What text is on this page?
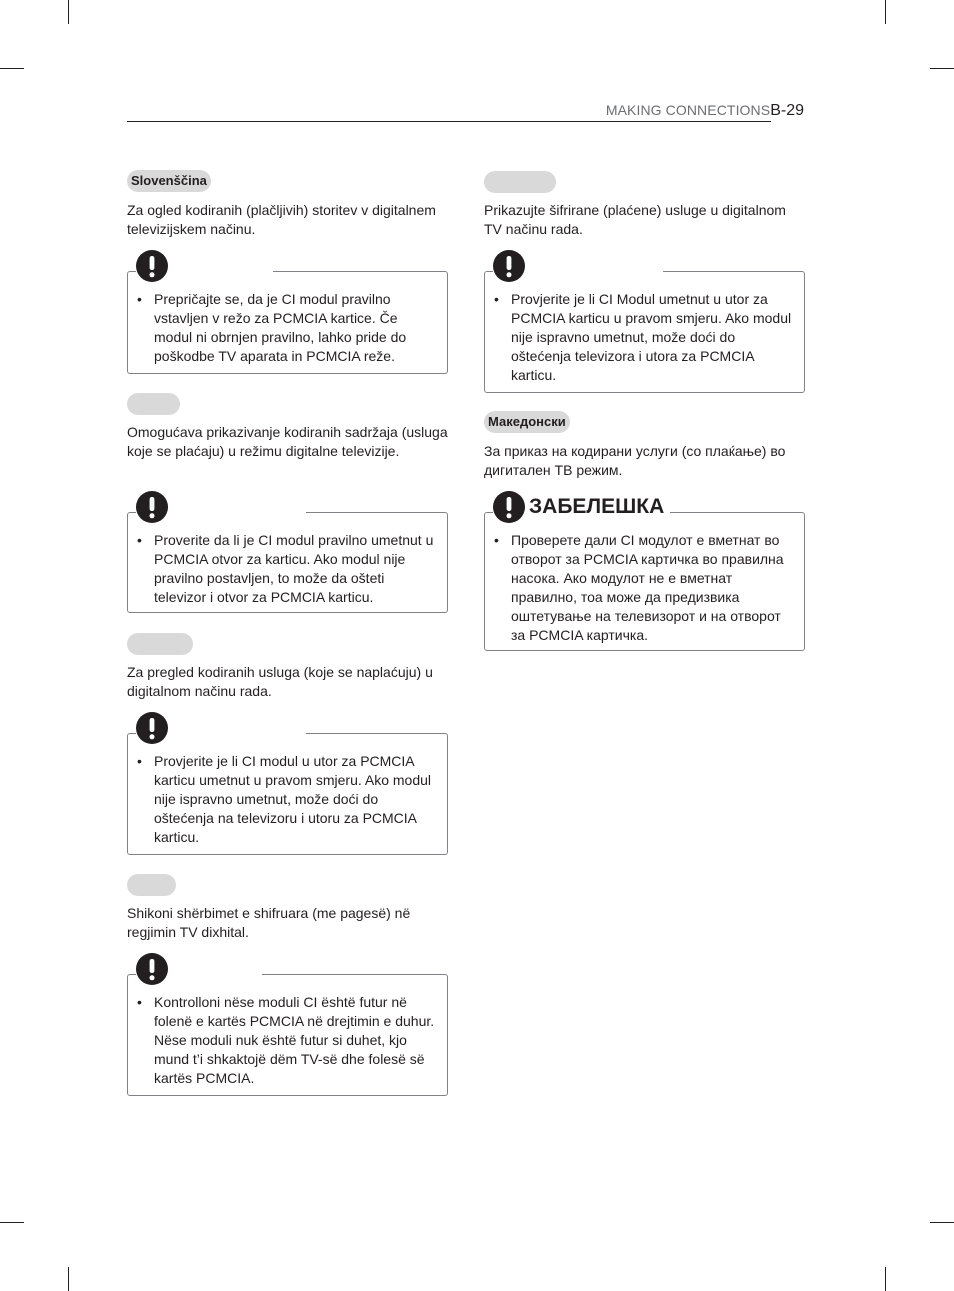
MAKING CONNECTIONSB-29
Slovenščina

Za ogled kodiranih (plačljivih) storitev v digitalnem televizijskem načinu.

• Prepričajte se, da je CI modul pravilno vstavljen v režo za PCMCIA kartice. Če modul ni obrnjen pravilno, lahko pride do poškodbe TV aparata in PCMCIA reže.

Omogućava prikazivanje kodiranih sadržaja (usluga koje se plaćaju) u režimu digitalne televizije.

• Proverite da li je CI modul pravilno umetnut u PCMCIA otvor za karticu. Ako modul nije pravilno postavljen, to može da ošteti televizor i otvor za PCMCIA karticu.

Za pregled kodiranih usluga (koje se naplaćuju) u digitalnom načinu rada.

• Provjerite je li CI modul u utor za PCMCIA karticu umetnut u pravom smjeru. Ako modul nije ispravno umetnut, može doći do oštećenja na televizoru i utoru za PCMCIA karticu.

Shikoni shërbimet e shifruara (me pagesë) në regjimin TV dixhital.

• Kontrolloni nëse moduli CI është futur në folenë e kartës PCMCIA në drejtimin e duhur. Nëse moduli nuk është futur si duhet, kjo mund t’i shkaktojë dëm TV-së dhe folesë së kartës PCMCIA.

Prikazujte šifrirane (plaćene) usluge u digitalnom TV načinu rada.

• Provjerite je li CI Modul umetnut u utor za PCMCIA karticu u pravom smjeru. Ako modul nije ispravno umetnut, može doći do oštećenja televizora i utora za PCMCIA karticu.
Македонски

За приказ на кодирани услуги (со плаќање) во дигитален ТВ режим.

ЗАБЕЛЕШКА
• Проверете дали CI модулот е вметнат во отворот за PCMCIA картичка во правилна насока. Ако модулот не е вметнат правилно, тоа може да предизвика оштетување на телевизорот и на отворот за PCMCIA картичка.
